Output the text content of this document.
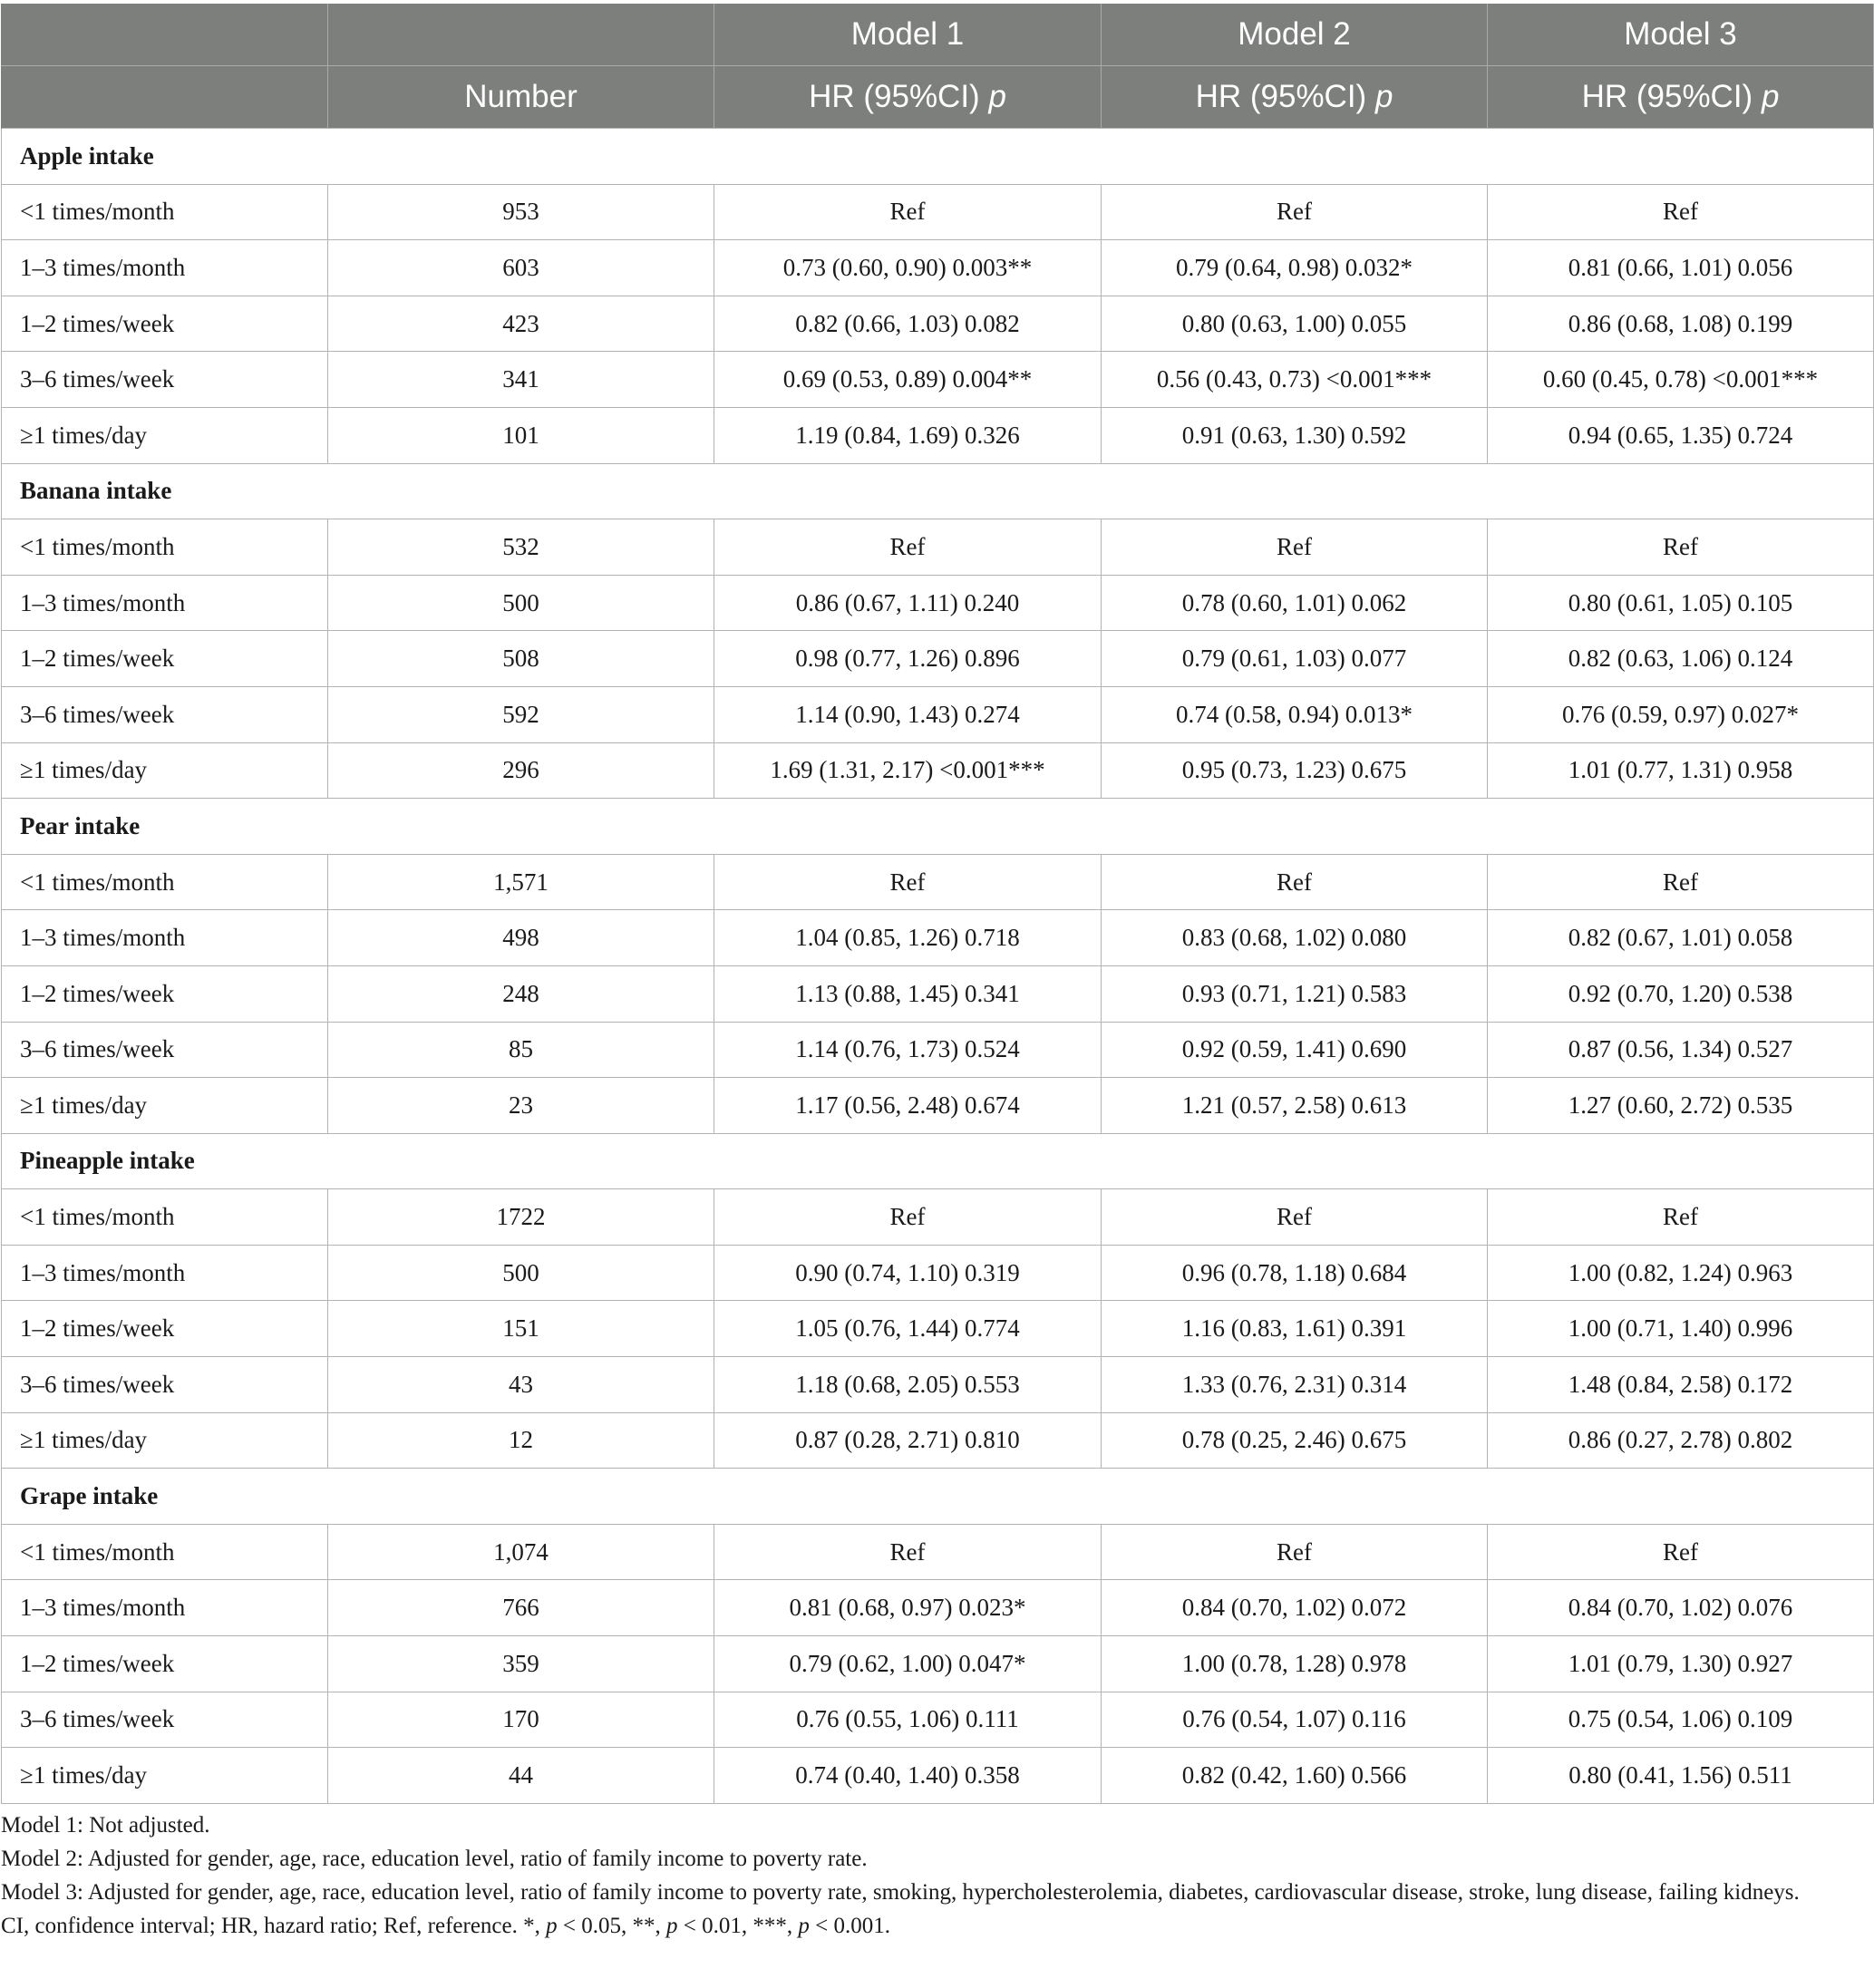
		Model 1	Model 2	Model 3
	Number	HR (95%CI) p	HR (95%CI) p	HR (95%CI) p
Apple intake				
<1 times/month	953	Ref	Ref	Ref
1–3 times/month	603	0.73 (0.60, 0.90) 0.003**	0.79 (0.64, 0.98) 0.032*	0.81 (0.66, 1.01) 0.056
1–2 times/week	423	0.82 (0.66, 1.03) 0.082	0.80 (0.63, 1.00) 0.055	0.86 (0.68, 1.08) 0.199
3–6 times/week	341	0.69 (0.53, 0.89) 0.004**	0.56 (0.43, 0.73) <0.001***	0.60 (0.45, 0.78) <0.001***
≥1 times/day	101	1.19 (0.84, 1.69) 0.326	0.91 (0.63, 1.30) 0.592	0.94 (0.65, 1.35) 0.724
Banana intake				
<1 times/month	532	Ref	Ref	Ref
1–3 times/month	500	0.86 (0.67, 1.11) 0.240	0.78 (0.60, 1.01) 0.062	0.80 (0.61, 1.05) 0.105
1–2 times/week	508	0.98 (0.77, 1.26) 0.896	0.79 (0.61, 1.03) 0.077	0.82 (0.63, 1.06) 0.124
3–6 times/week	592	1.14 (0.90, 1.43) 0.274	0.74 (0.58, 0.94) 0.013*	0.76 (0.59, 0.97) 0.027*
≥1 times/day	296	1.69 (1.31, 2.17) <0.001***	0.95 (0.73, 1.23) 0.675	1.01 (0.77, 1.31) 0.958
Pear intake				
<1 times/month	1,571	Ref	Ref	Ref
1–3 times/month	498	1.04 (0.85, 1.26) 0.718	0.83 (0.68, 1.02) 0.080	0.82 (0.67, 1.01) 0.058
1–2 times/week	248	1.13 (0.88, 1.45) 0.341	0.93 (0.71, 1.21) 0.583	0.92 (0.70, 1.20) 0.538
3–6 times/week	85	1.14 (0.76, 1.73) 0.524	0.92 (0.59, 1.41) 0.690	0.87 (0.56, 1.34) 0.527
≥1 times/day	23	1.17 (0.56, 2.48) 0.674	1.21 (0.57, 2.58) 0.613	1.27 (0.60, 2.72) 0.535
Pineapple intake				
<1 times/month	1722	Ref	Ref	Ref
1–3 times/month	500	0.90 (0.74, 1.10) 0.319	0.96 (0.78, 1.18) 0.684	1.00 (0.82, 1.24) 0.963
1–2 times/week	151	1.05 (0.76, 1.44) 0.774	1.16 (0.83, 1.61) 0.391	1.00 (0.71, 1.40) 0.996
3–6 times/week	43	1.18 (0.68, 2.05) 0.553	1.33 (0.76, 2.31) 0.314	1.48 (0.84, 2.58) 0.172
≥1 times/day	12	0.87 (0.28, 2.71) 0.810	0.78 (0.25, 2.46) 0.675	0.86 (0.27, 2.78) 0.802
Grape intake				
<1 times/month	1,074	Ref	Ref	Ref
1–3 times/month	766	0.81 (0.68, 0.97) 0.023*	0.84 (0.70, 1.02) 0.072	0.84 (0.70, 1.02) 0.076
1–2 times/week	359	0.79 (0.62, 1.00) 0.047*	1.00 (0.78, 1.28) 0.978	1.01 (0.79, 1.30) 0.927
3–6 times/week	170	0.76 (0.55, 1.06) 0.111	0.76 (0.54, 1.07) 0.116	0.75 (0.54, 1.06) 0.109
≥1 times/day	44	0.74 (0.40, 1.40) 0.358	0.82 (0.42, 1.60) 0.566	0.80 (0.41, 1.56) 0.511

Model 1: Not adjusted.

Model 2: Adjusted for gender, age, race, education level, ratio of family income to poverty rate.

Model 3: Adjusted for gender, age, race, education level, ratio of family income to poverty rate, smoking, hypercholesterolemia, diabetes, cardiovascular disease, stroke, lung disease, failing kidneys.

CI, confidence interval; HR, hazard ratio; Ref, reference. *, p < 0.05, **, p < 0.01, ***, p < 0.001.
